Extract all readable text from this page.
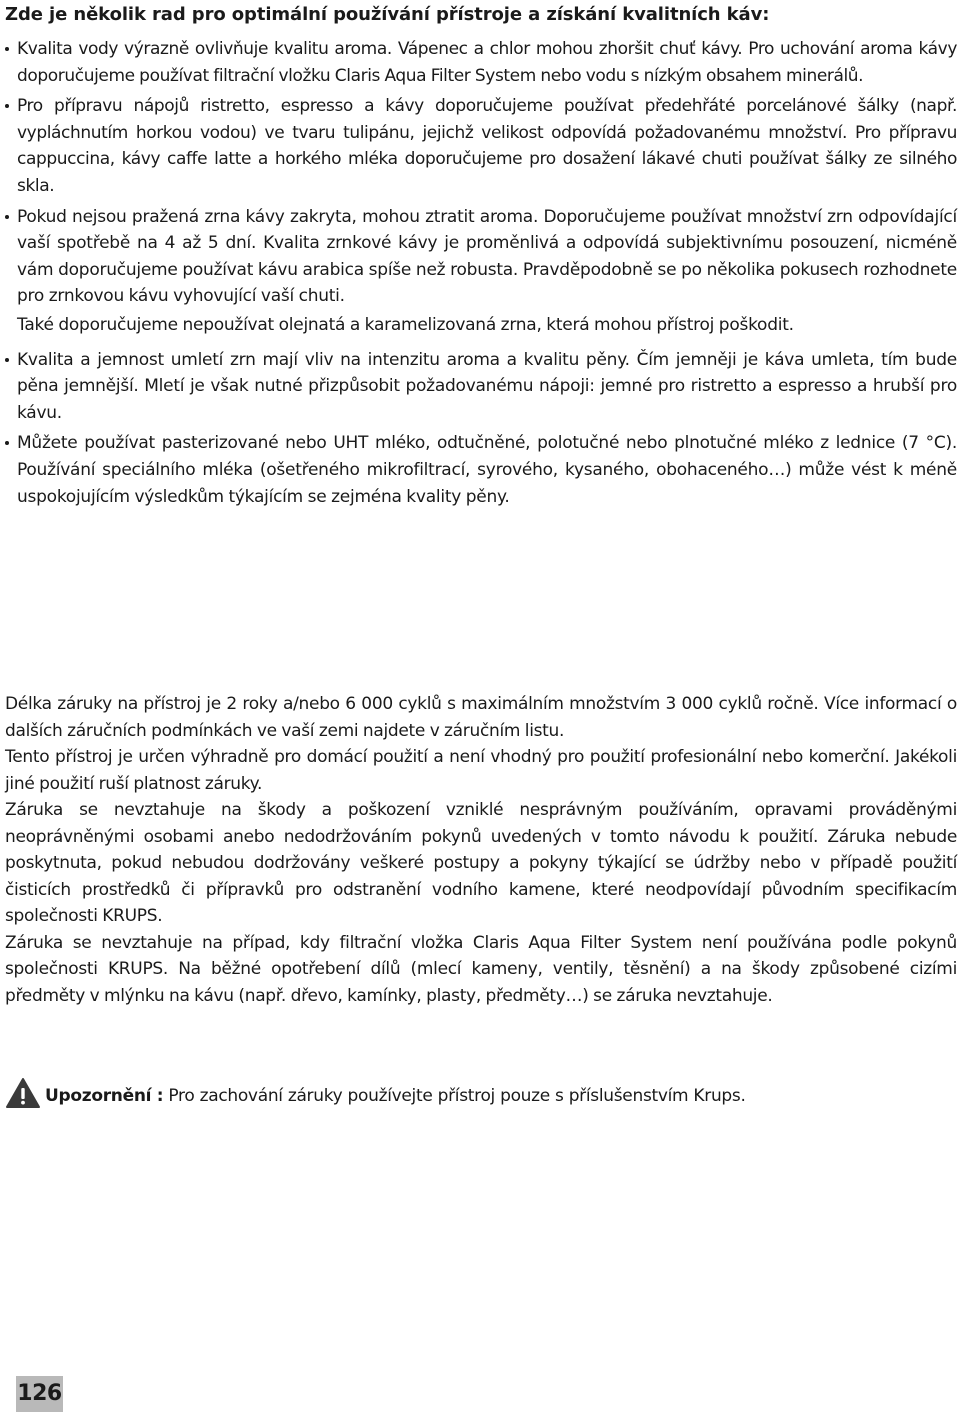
Zde je několik rad pro optimální používání přístroje a získání kvalitních káv:
Kvalita vody výrazně ovlivňuje kvalitu aroma. Vápenec a chlor mohou zhoršit chuť kávy. Pro uchování aroma kávy doporučujeme používat filtrační vložku Claris Aqua Filter System nebo vodu s nízkým obsahem minerálů.
Pro přípravu nápojů ristretto, espresso a kávy doporučujeme používat předehřáté porcelánové šálky (např. vypláchnutím horkou vodou) ve tvaru tulipánu, jejichž velikost odpovídá požadovanému množství. Pro přípravu cappuccina, kávy caffe latte a horkého mléka doporučujeme pro dosažení lákavé chuti používat šálky ze silného skla.
Pokud nejsou pražená zrna kávy zakryta, mohou ztratit aroma. Doporučujeme používat množství zrn odpovídající vaší spotřebě na 4 až 5 dní. Kvalita zrnkové kávy je proměnlivá a odpovídá subjektivnímu posouzení, nicméně vám doporučujeme používat kávu arabica spíše než robusta. Pravděpodobně se po několika pokusech rozhodnete pro zrnkovou kávu vyhovující vaší chuti.
Také doporučujeme nepoužívat olejnatá a karamelizovaná zrna, která mohou přístroj poškodit.
Kvalita a jemnost umletí zrn mají vliv na intenzitu aroma a kvalitu pěny. Čím jemněji je káva umleta, tím bude pěna jemnější. Mletí je však nutné přizpůsobit požadovanému nápoji: jemné pro ristretto a espresso a hrubší pro kávu.
Můžete používat pasterizované nebo UHT mléko, odtučněné, polotučné nebo plnotučné mléko z lednice (7 °C). Používání speciálního mléka (ošetřeného mikrofiltrací, syrového, kysaného, obohaceného…) může vést k méně uspokojujícím výsledkům týkajícím se zejména kvality pěny.

Délka záruky na přístroj je 2 roky a/nebo 6 000 cyklů s maximálním množstvím 3 000 cyklů ročně. Více informací o dalších záručních podmínkách ve vaší zemi najdete v záručním listu.

Tento přístroj je určen výhradně pro domácí použití a není vhodný pro použití profesionální nebo komerční. Jakékoli jiné použití ruší platnost záruky.

Záruka se nevztahuje na škody a poškození vzniklé nesprávným používáním, opravami prováděnými neoprávněnými osobami anebo nedodržováním pokynů uvedených v tomto návodu k použití. Záruka nebude poskytnuta, pokud nebudou dodržovány veškeré postupy a pokyny týkající se údržby nebo v případě použití čisticích prostředků či přípravků pro odstranění vodního kamene, které neodpovídají původním specifikacím společnosti KRUPS.

Záruka se nevztahuje na případ, kdy filtrační vložka Claris Aqua Filter System není používána podle pokynů společnosti KRUPS. Na běžné opotřebení dílů (mlecí kameny, ventily, těsnění) a na škody způsobené cizími předměty v mlýnku na kávu (např. dřevo, kamínky, plasty, předměty…) se záruka nevztahuje.

Upozornění : Pro zachování záruky používejte přístroj pouze s příslušenstvím Krups.
126
